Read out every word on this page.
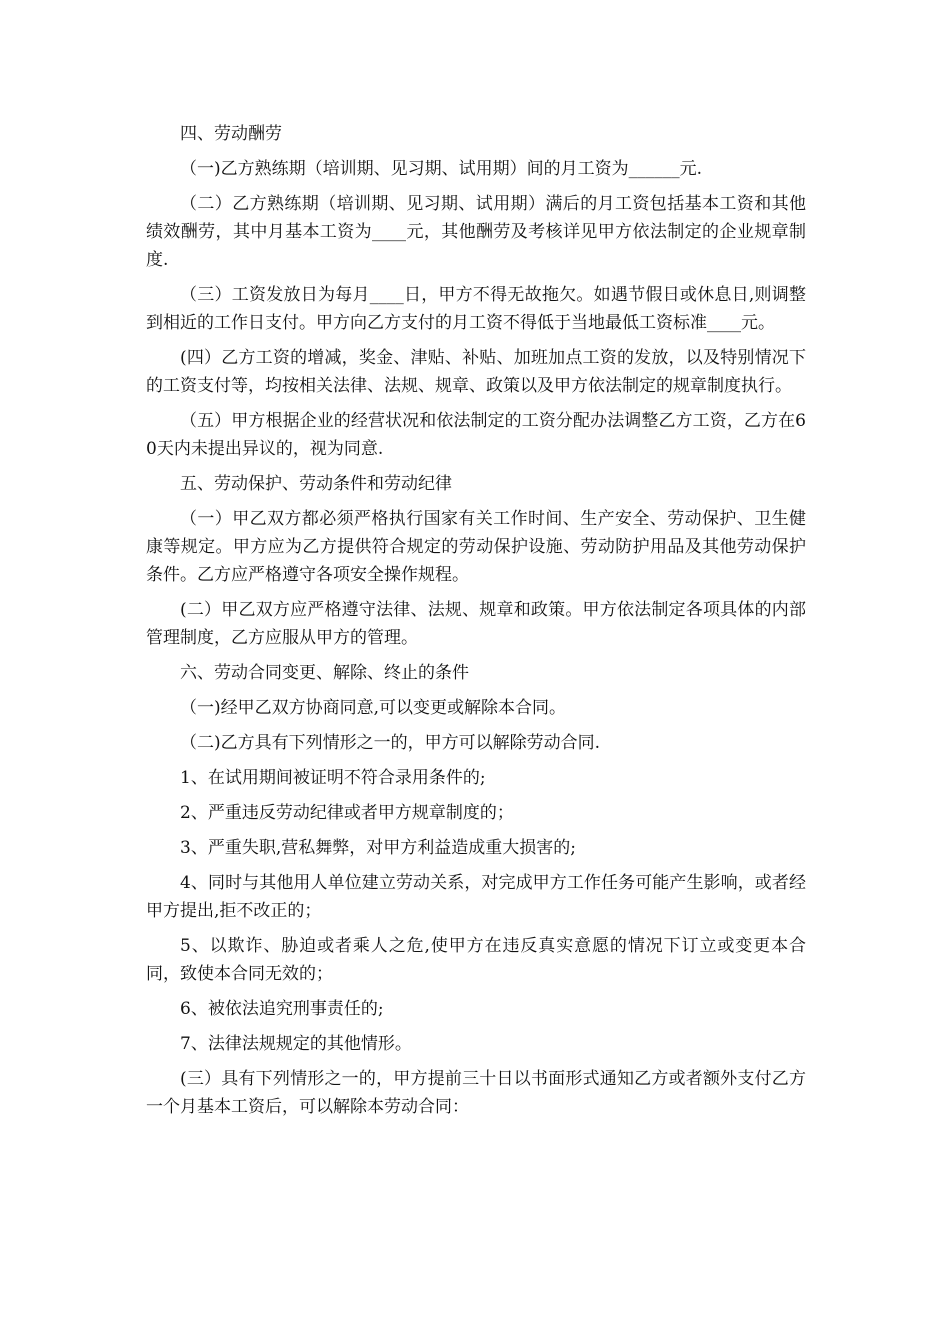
四、劳动酬劳

（一)乙方熟练期（培训期、见习期、试用期）间的月工资为______元.

（二）乙方熟练期（培训期、见习期、试用期）满后的月工资包括基本工资和其他绩效酬劳，其中月基本工资为____元，其他酬劳及考核详见甲方依法制定的企业规章制度.

（三）工资发放日为每月____日，甲方不得无故拖欠。如遇节假日或休息日,则调整到相近的工作日支付。甲方向乙方支付的月工资不得低于当地最低工资标准____元。

(四）乙方工资的增减，奖金、津贴、补贴、加班加点工资的发放，以及特别情况下的工资支付等，均按相关法律、法规、规章、政策以及甲方依法制定的规章制度执行。

（五）甲方根据企业的经营状况和依法制定的工资分配办法调整乙方工资，乙方在60天内未提出异议的，视为同意.

五、劳动保护、劳动条件和劳动纪律

（一）甲乙双方都必须严格执行国家有关工作时间、生产安全、劳动保护、卫生健康等规定。甲方应为乙方提供符合规定的劳动保护设施、劳动防护用品及其他劳动保护条件。乙方应严格遵守各项安全操作规程。

(二）甲乙双方应严格遵守法律、法规、规章和政策。甲方依法制定各项具体的内部管理制度，乙方应服从甲方的管理。

六、劳动合同变更、解除、终止的条件

（一)经甲乙双方协商同意,可以变更或解除本合同。

（二)乙方具有下列情形之一的，甲方可以解除劳动合同.

1、在试用期间被证明不符合录用条件的;

2、严重违反劳动纪律或者甲方规章制度的；

3、严重失职,营私舞弊，对甲方利益造成重大损害的;

4、同时与其他用人单位建立劳动关系，对完成甲方工作任务可能产生影响，或者经甲方提出,拒不改正的；

5、以欺诈、胁迫或者乘人之危,使甲方在违反真实意愿的情况下订立或变更本合同，致使本合同无效的；

6、被依法追究刑事责任的;

7、法律法规规定的其他情形。

(三）具有下列情形之一的，甲方提前三十日以书面形式通知乙方或者额外支付乙方一个月基本工资后，可以解除本劳动合同：
